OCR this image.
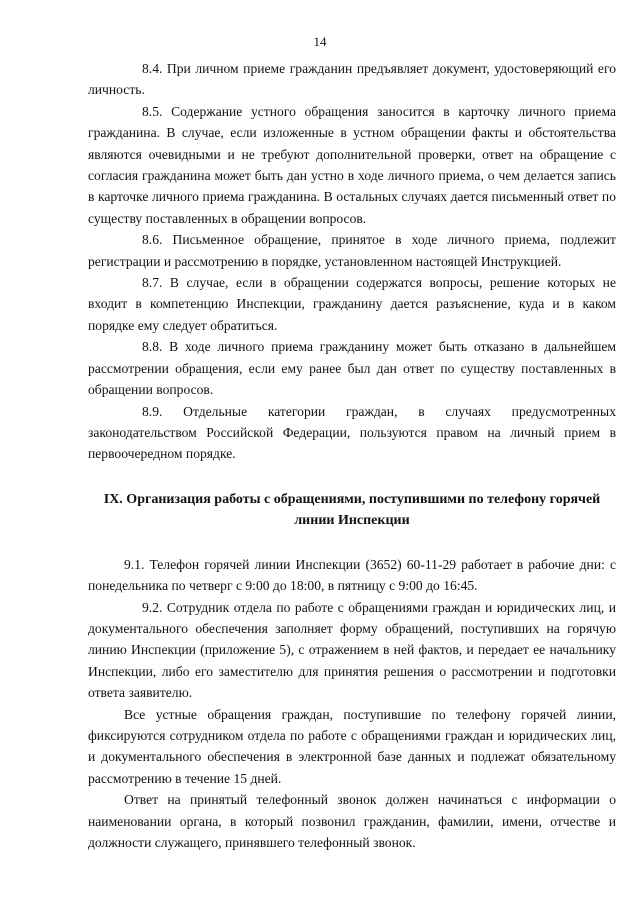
14

8.4. При личном приеме гражданин предъявляет документ, удостоверяющий его личность.

8.5. Содержание устного обращения заносится в карточку личного приема гражданина. В случае, если изложенные в устном обращении факты и обстоятельства являются очевидными и не требуют дополнительной проверки, ответ на обращение с согласия гражданина может быть дан устно в ходе личного приема, о чем делается запись в карточке личного приема гражданина. В остальных случаях дается письменный ответ по существу поставленных в обращении вопросов.

8.6. Письменное обращение, принятое в ходе личного приема, подлежит регистрации и рассмотрению в порядке, установленном настоящей Инструкцией.

8.7. В случае, если в обращении содержатся вопросы, решение которых не входит в компетенцию Инспекции, гражданину дается разъяснение, куда и в каком порядке ему следует обратиться.

8.8. В ходе личного приема гражданину может быть отказано в дальнейшем рассмотрении обращения, если ему ранее был дан ответ по существу поставленных в обращении вопросов.

8.9. Отдельные категории граждан, в случаях предусмотренных законодательством Российской Федерации, пользуются правом на личный прием в первоочередном порядке.

IX. Организация работы с обращениями, поступившими по телефону горячей линии Инспекции

9.1. Телефон горячей линии Инспекции (3652) 60-11-29 работает в рабочие дни: с понедельника по четверг с 9:00 до 18:00, в пятницу с 9:00 до 16:45.

9.2. Сотрудник отдела по работе с обращениями граждан и юридических лиц, и документального обеспечения заполняет форму обращений, поступивших на горячую линию Инспекции (приложение 5), с отражением в ней фактов, и передает ее начальнику Инспекции, либо его заместителю для принятия решения о рассмотрении и подготовки ответа заявителю.

Все устные обращения граждан, поступившие по телефону горячей линии, фиксируются сотрудником отдела по работе с обращениями граждан и юридических лиц, и документального обеспечения в электронной базе данных и подлежат обязательному рассмотрению в течение 15 дней.

Ответ на принятый телефонный звонок должен начинаться с информации о наименовании органа, в который позвонил гражданин, фамилии, имени, отчестве и должности служащего, принявшего телефонный звонок.
